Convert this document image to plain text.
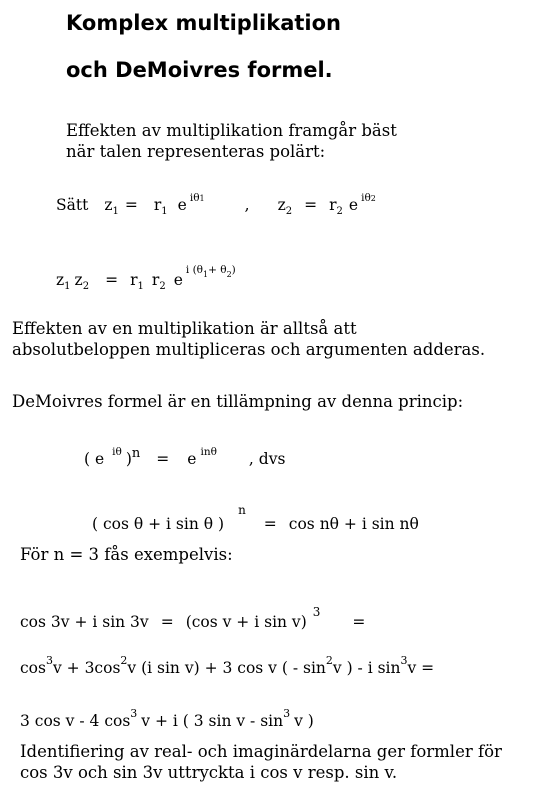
Komplex multiplikation
och DeMoivres formel.
Effekten av multiplikation framgår bäst
när talen representeras polärt:
Sätt $z_1 = r_1$ e $^{i\theta 1}$	, $z_2 = r_2$ e $^{i\theta 2}$
$z_1$ $z_2 = r_1$ $r_2$ $e^{i (\theta 1+ \theta 2)}$
Effekten av en multiplikation är alltså att
absolutbeloppen multipliceras och argumenten adderas.
DeMoivres formel är en tillämpning av denna princip:
( e $^{i\theta}$ )$^n$ = e $^{in\theta}$ , dvs
( cos θ + i sin θ )$^n$= cos nθ + i sin nθ
För n = 3 fås exempelvis:
cos 3v + i sin 3v = (cos v + i sin v)$^3$=
$\cos^3v + 3\cos^2v$ (i sin v) + 3 cos v ( - $\sin^2v$ ) - i $\sin^3v$ =
3 cos v - 4 $\cos^3 v + i$ ( 3 sin v - $\sin^3 v$ )
Identifiering av real- och imaginärdelarna ger formler för
cos 3v och sin 3v uttryckta i cos v resp. sin v.
